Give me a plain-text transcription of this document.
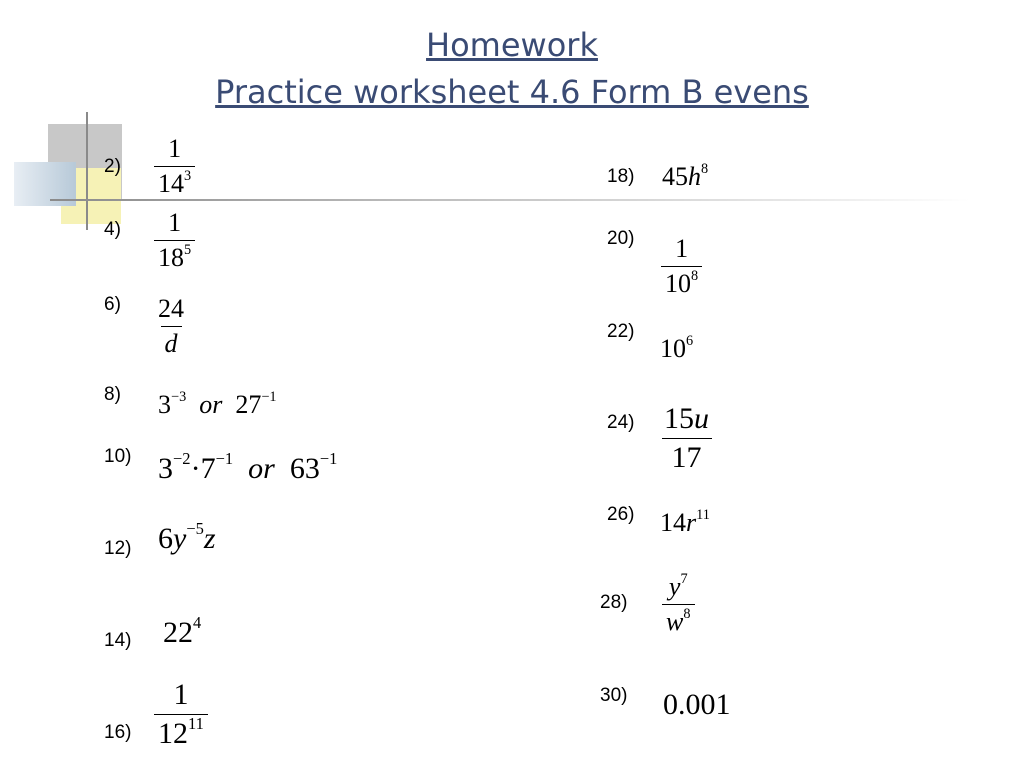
Homework
Practice worksheet 4.6 Form B evens
2)
4)
6)
8)
10)
12)
14)
16)
18)
20)
22)
24)
26)
28)
30)
$\frac{1}{14^3}$
$\frac{1}{18^5}$
$\frac{24}{d}$
$3^{-3}$ or $27^{-1}$
$3^{-2}\cdot 7^{-1}$ or $63^{-1}$
$6y^{-5}z$
$22^4$
$\frac{1}{12^{11}}$
$45h^8$
$\frac{1}{10^8}$
$10^6$
$\frac{15u}{17}$
$14r^{11}$
$\frac{y^7}{w^8}$
0.001
